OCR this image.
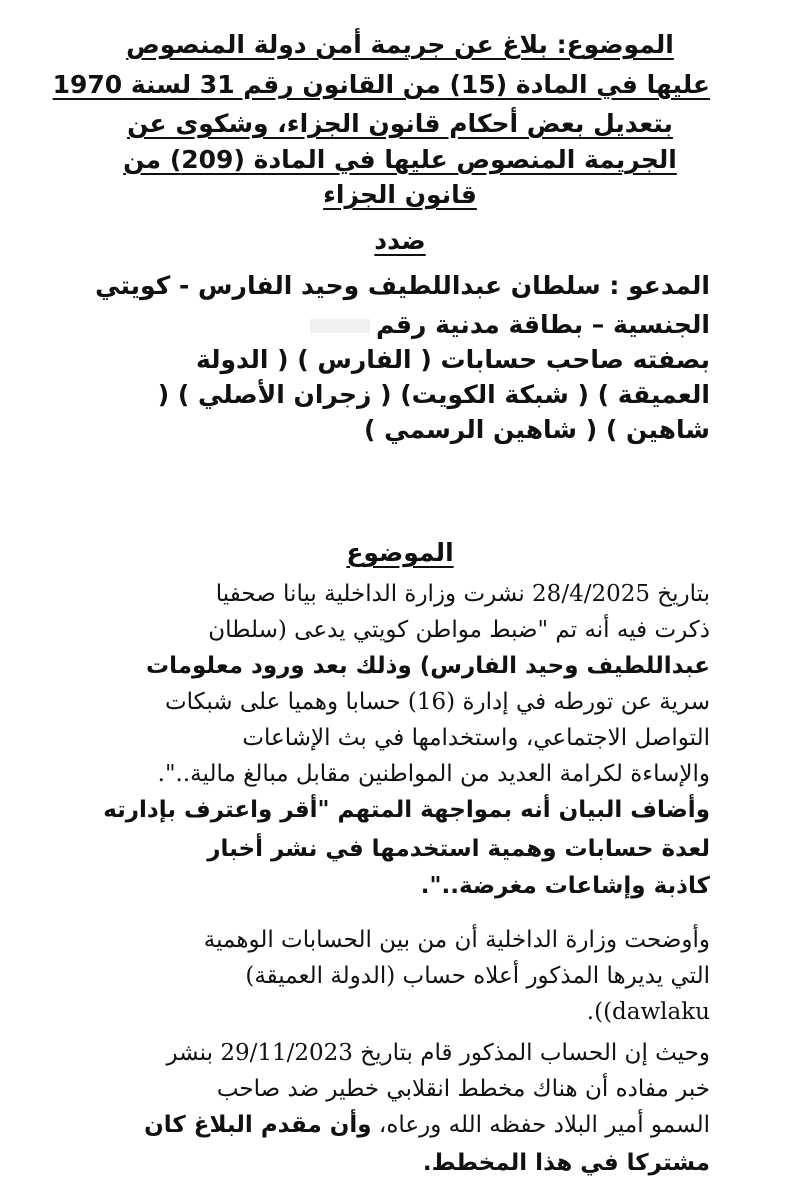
الموضوع: بلاغ عن جريمة أمن دولة المنصوص
عليها في المادة (15) من القانون رقم 31 لسنة 1970
بتعديل بعض أحكام قانون الجزاء، وشكوى عن
الجريمة المنصوص عليها في المادة (209) من
قانون الجزاء
ضدد
المدعو : سلطان عبداللطيف وحيد الفارس - كويتي
الجنسية – بطاقة مدنية رقم
بصفته صاحب حسابات ( الفارس ) ( الدولة
العميقة ) ( شبكة الكويت) ( زجران الأصلي ) (
شاهين ) ( شاهين الرسمي )
الموضوع
بتاريخ 28/4/2025 نشرت وزارة الداخلية بيانا صحفيا
ذكرت فيه أنه تم "ضبط مواطن كويتي يدعى (سلطان
عبداللطيف وحيد الفارس) وذلك بعد ورود معلومات
سرية عن تورطه في إدارة (16) حسابا وهميا على شبكات
التواصل الاجتماعي، واستخدامها في بث الإشاعات
والإساءة لكرامة العديد من المواطنين مقابل مبالغ مالية..".
وأضاف البيان أنه بمواجهة المتهم "أقر واعترف بإدارته
لعدة حسابات وهمية استخدمها في نشر أخبار
كاذبة وإشاعات مغرضة..".
وأوضحت وزارة الداخلية أن من بين الحسابات الوهمية
التي يديرها المذكور أعلاه حساب (الدولة العميقة)
dawlaku)).
وحيث إن الحساب المذكور قام بتاريخ 29/11/2023 بنشر
خبر مفاده أن هناك مخطط انقلابي خطير ضد صاحب
السمو أمير البلاد حفظه الله ورعاه، وأن مقدم البلاغ كان
مشتركا في هذا المخطط.
